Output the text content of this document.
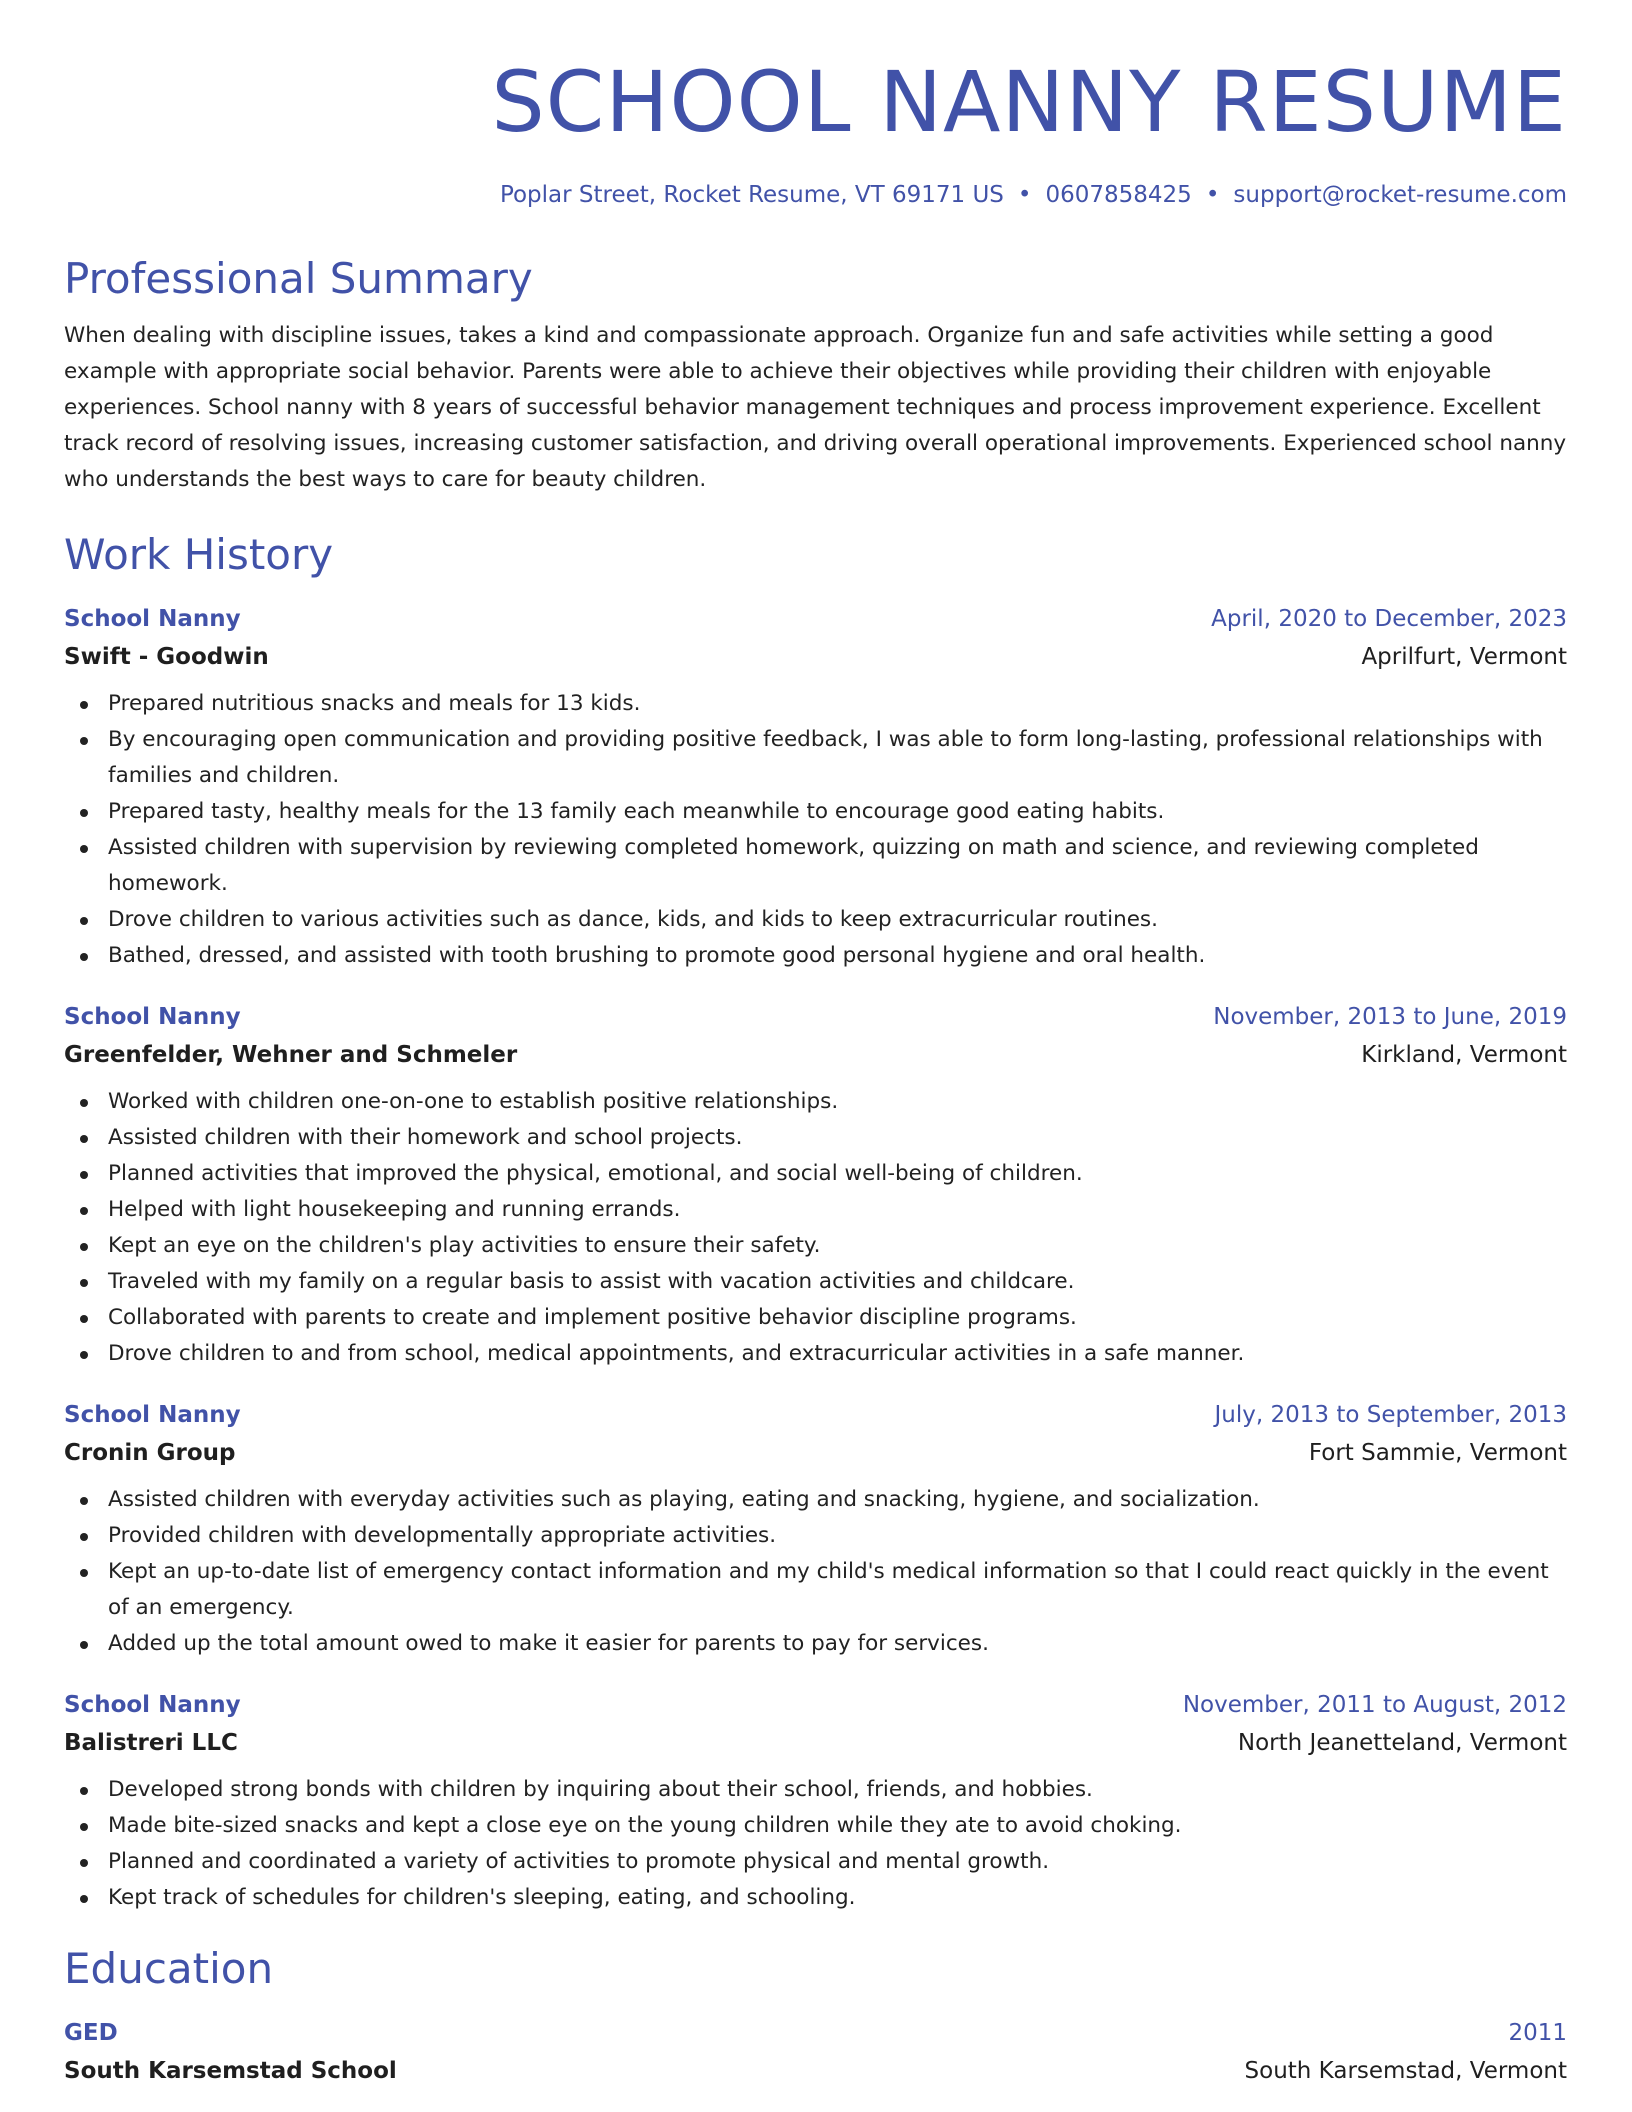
SCHOOL NANNY RESUME
Poplar Street, Rocket Resume, VT 69171 US • 0607858425 • support@rocket-resume.com
Professional Summary

When dealing with discipline issues, takes a kind and compassionate approach. Organize fun and safe activities while setting a good example with appropriate social behavior. Parents were able to achieve their objectives while providing their children with enjoyable experiences. School nanny with 8 years of successful behavior management techniques and process improvement experience. Excellent track record of resolving issues, increasing customer satisfaction, and driving overall operational improvements. Experienced school nanny who understands the best ways to care for beauty children.

Work History
School Nanny	April, 2020 to December, 2023
Swift - Goodwin	Aprilfurt, Vermont
Prepared nutritious snacks and meals for 13 kids.
By encouraging open communication and providing positive feedback, I was able to form long-lasting, professional relationships with families and children.
Prepared tasty, healthy meals for the 13 family each meanwhile to encourage good eating habits.
Assisted children with supervision by reviewing completed homework, quizzing on math and science, and reviewing completed homework.
Drove children to various activities such as dance, kids, and kids to keep extracurricular routines.
Bathed, dressed, and assisted with tooth brushing to promote good personal hygiene and oral health.
School Nanny	November, 2013 to June, 2019
Greenfelder, Wehner and Schmeler	Kirkland, Vermont
Worked with children one-on-one to establish positive relationships.
Assisted children with their homework and school projects.
Planned activities that improved the physical, emotional, and social well-being of children.
Helped with light housekeeping and running errands.
Kept an eye on the children's play activities to ensure their safety.
Traveled with my family on a regular basis to assist with vacation activities and childcare.
Collaborated with parents to create and implement positive behavior discipline programs.
Drove children to and from school, medical appointments, and extracurricular activities in a safe manner.
School Nanny	July, 2013 to September, 2013
Cronin Group	Fort Sammie, Vermont
Assisted children with everyday activities such as playing, eating and snacking, hygiene, and socialization.
Provided children with developmentally appropriate activities.
Kept an up-to-date list of emergency contact information and my child's medical information so that I could react quickly in the event of an emergency.
Added up the total amount owed to make it easier for parents to pay for services.
School Nanny	November, 2011 to August, 2012
Balistreri LLC	North Jeanetteland, Vermont
Developed strong bonds with children by inquiring about their school, friends, and hobbies.
Made bite-sized snacks and kept a close eye on the young children while they ate to avoid choking.
Planned and coordinated a variety of activities to promote physical and mental growth.
Kept track of schedules for children's sleeping, eating, and schooling.
Education
GED	2011
South Karsemstad School	South Karsemstad, Vermont
